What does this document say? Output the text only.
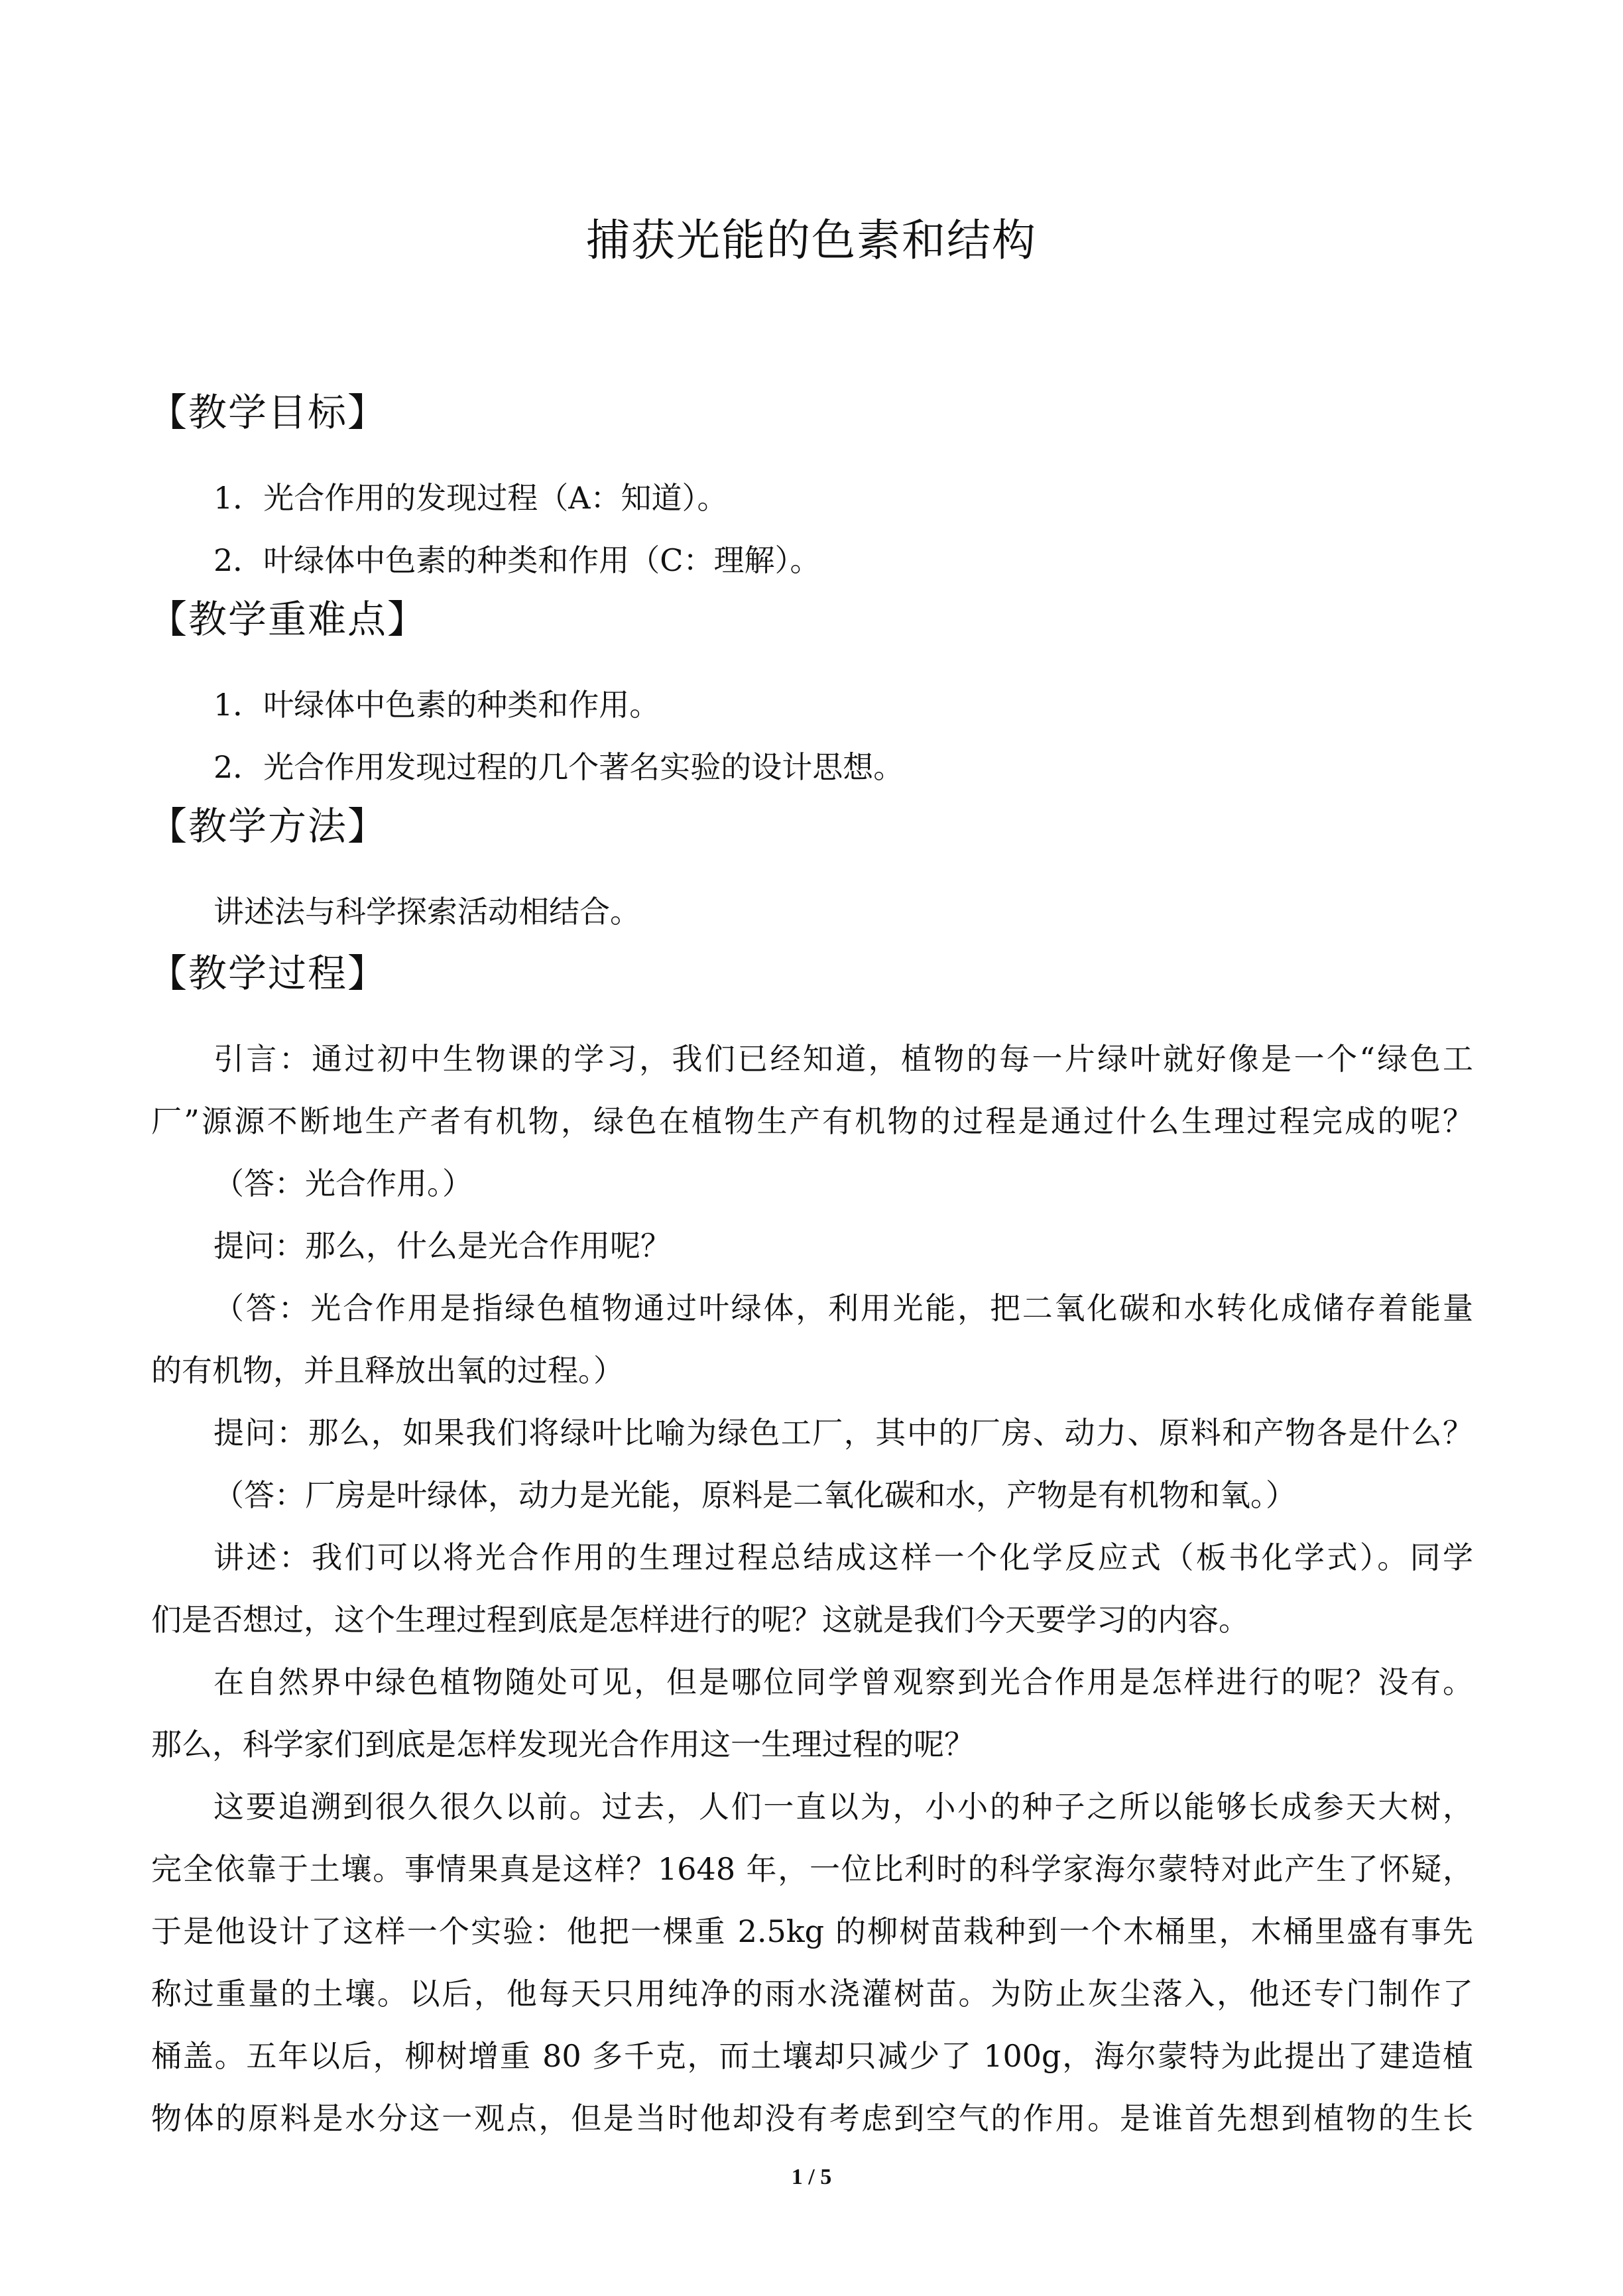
捕获光能的色素和结构
【教学目标】
1．光合作用的发现过程（A：知道）。
2．叶绿体中色素的种类和作用（C：理解）。
【教学重难点】
1．叶绿体中色素的种类和作用。
2．光合作用发现过程的几个著名实验的设计思想。
【教学方法】
讲述法与科学探索活动相结合。
【教学过程】
引言：通过初中生物课的学习，我们已经知道，植物的每一片绿叶就好像是一个“绿色工
厂”源源不断地生产者有机物，绿色在植物生产有机物的过程是通过什么生理过程完成的呢？
（答：光合作用。）
提问：那么，什么是光合作用呢？
（答：光合作用是指绿色植物通过叶绿体，利用光能，把二氧化碳和水转化成储存着能量
的有机物，并且释放出氧的过程。）
提问：那么，如果我们将绿叶比喻为绿色工厂，其中的厂房、动力、原料和产物各是什么？
（答：厂房是叶绿体，动力是光能，原料是二氧化碳和水，产物是有机物和氧。）
讲述：我们可以将光合作用的生理过程总结成这样一个化学反应式（板书化学式）。同学
们是否想过，这个生理过程到底是怎样进行的呢？这就是我们今天要学习的内容。
在自然界中绿色植物随处可见，但是哪位同学曾观察到光合作用是怎样进行的呢？没有。
那么，科学家们到底是怎样发现光合作用这一生理过程的呢？
这要追溯到很久很久以前。过去，人们一直以为，小小的种子之所以能够长成参天大树，
完全依靠于土壤。事情果真是这样？1648 年，一位比利时的科学家海尔蒙特对此产生了怀疑，
于是他设计了这样一个实验：他把一棵重 2.5kg 的柳树苗栽种到一个木桶里，木桶里盛有事先
称过重量的土壤。以后，他每天只用纯净的雨水浇灌树苗。为防止灰尘落入，他还专门制作了
桶盖。五年以后，柳树增重 80 多千克，而土壤却只减少了 100g，海尔蒙特为此提出了建造植
物体的原料是水分这一观点，但是当时他却没有考虑到空气的作用。是谁首先想到植物的生长
1 / 5
